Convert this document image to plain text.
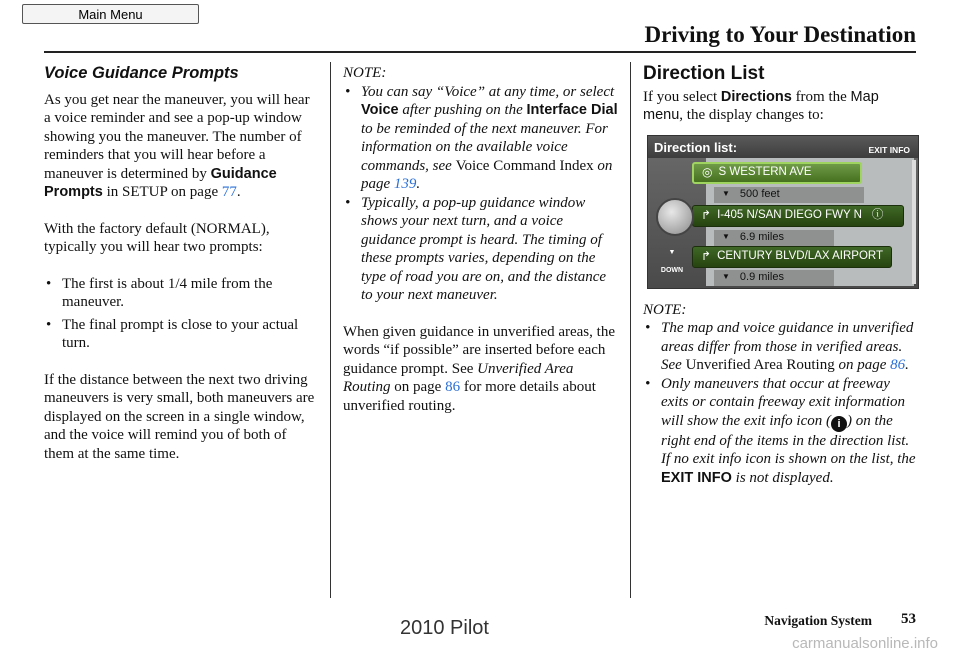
Main Menu
Driving to Your Destination
Voice Guidance Prompts

As you get near the maneuver, you will hear a voice reminder and see a pop-up window showing you the maneuver. The number of reminders that you will hear before a maneuver is determined by Guidance Prompts in SETUP on page 77.

With the factory default (NORMAL), typically you will hear two prompts:

• The first is about 1/4 mile from the maneuver.
• The final prompt is close to your actual turn.

If the distance between the next two driving maneuvers is very small, both maneuvers are displayed on the screen in a single window, and the voice will remind you of both of them at the same time.

NOTE:
• You can say “Voice” at any time, or select Voice after pushing on the Interface Dial to be reminded of the next maneuver. For information on the available voice commands, see Voice Command Index on page 139.
• Typically, a pop-up guidance window shows your next turn, and a voice guidance prompt is heard. The timing of these prompts varies, depending on the type of road you are on, and the distance to your next maneuver.

When given guidance in unverified areas, the words “if possible” are inserted before each guidance prompt. See Unverified Area Routing on page 86 for more details about unverified routing.

Direction List
If you select Directions from the Map menu, the display changes to:
Direction list:	EXIT INFO
◎ S WESTERN AVE
▼ 500 feet
↱ I-405 N/SAN DIEGO FWY N ⓘ
▼ 6.9 miles
↱ CENTURY BLVD/LAX AIRPORT
▼ 0.9 miles
▼
DOWN
NOTE:
• The map and voice guidance in unverified areas differ from those in verified areas. See Unverified Area Routing on page 86.
• Only maneuvers that occur at freeway exits or contain freeway exit information will show the exit info icon ( i ) on the right end of the items in the direction list. If no exit info icon is shown on the list, the EXIT INFO is not displayed.
2010 Pilot	Navigation System 53
carmanualsonline.info
